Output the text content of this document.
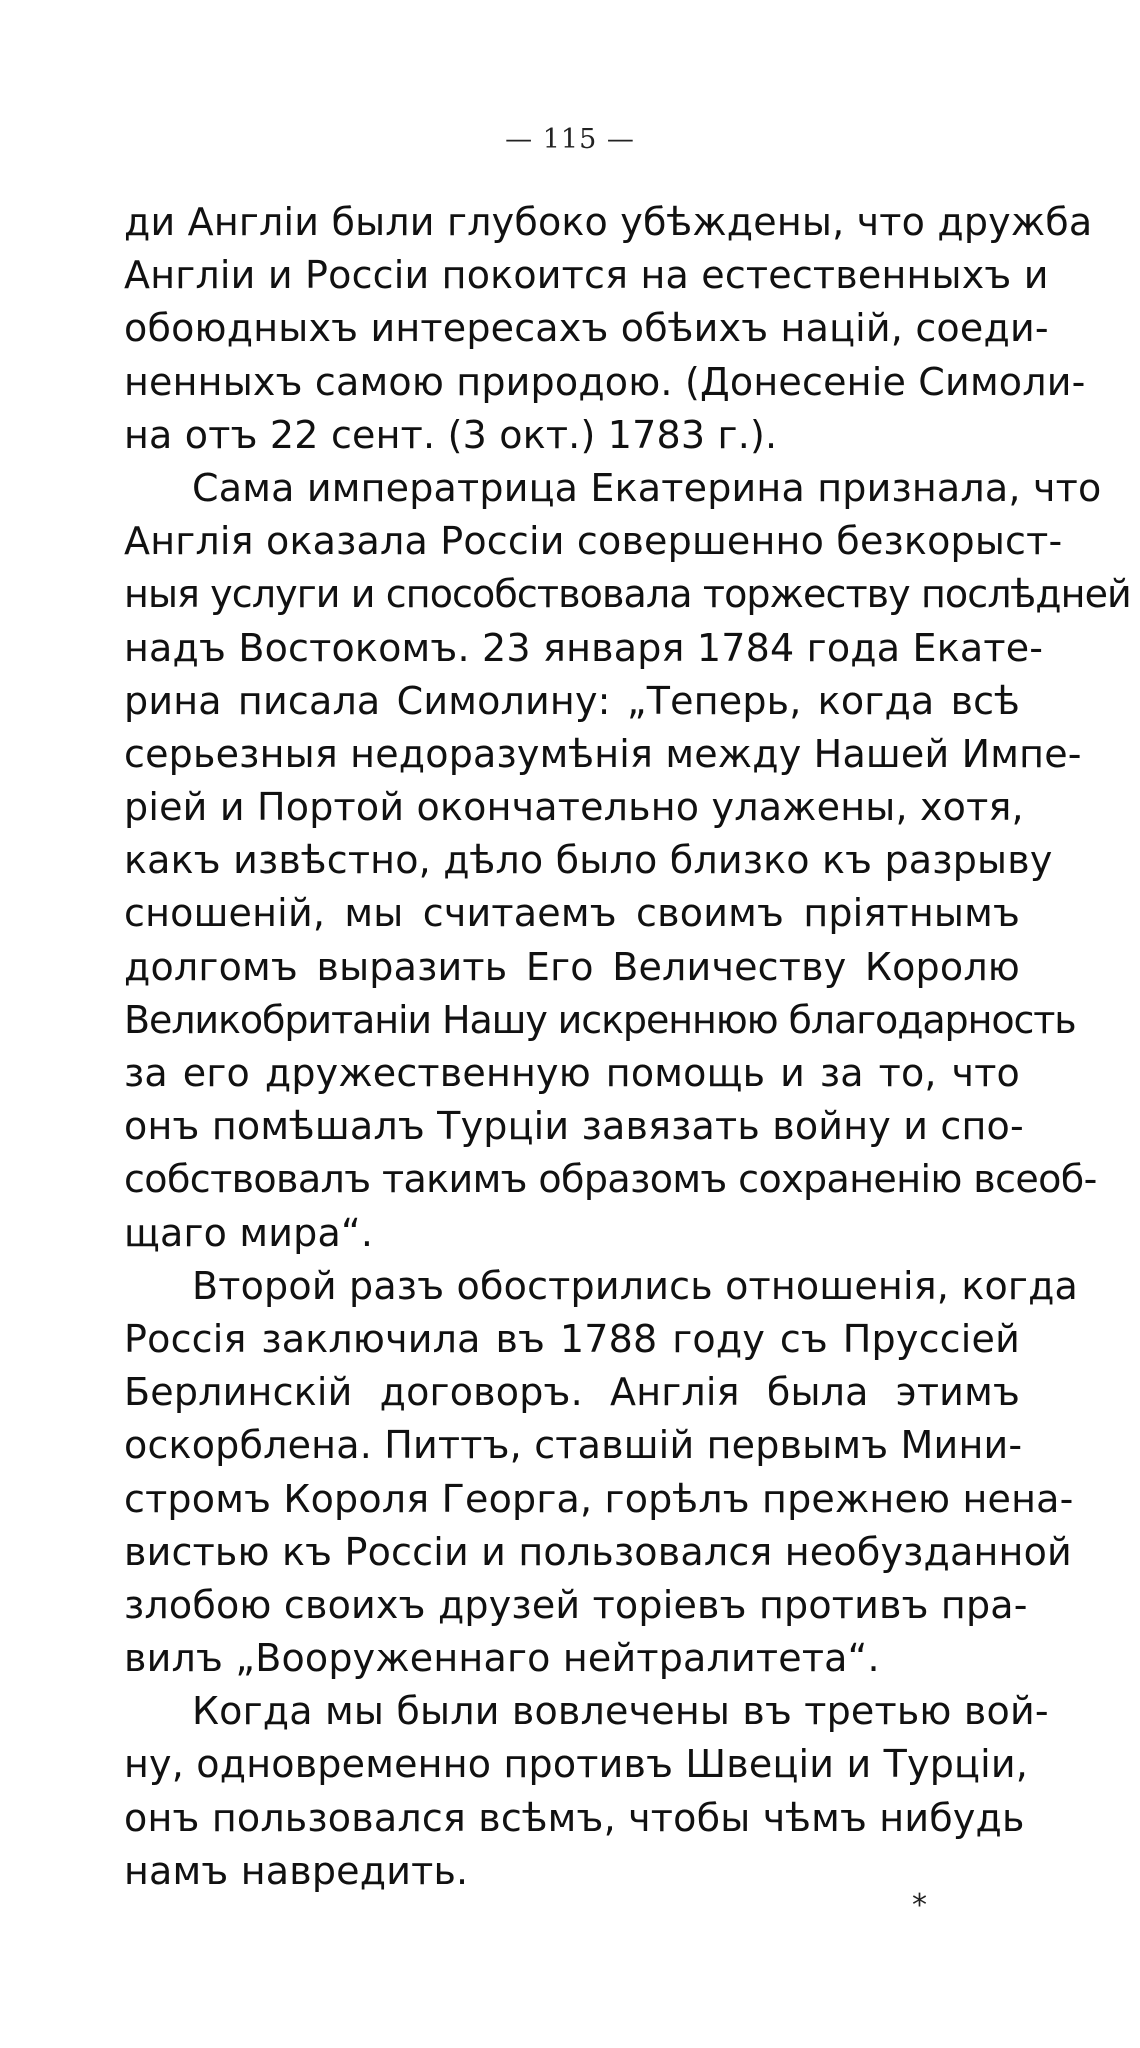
— 115 —
ди Англіи были глубоко убѣждены, что дружба
Англіи и Россіи покоится на естественныхъ и
обоюдныхъ интересахъ обѣихъ націй, соеди-
ненныхъ самою природою. (Донесеніе Симоли-
на отъ 22 сент. (3 окт.) 1783 г.).
Сама императрица Екатерина признала, что
Англія оказала Россіи совершенно безкорыст-
ныя услуги и способствовала торжеству послѣдней
надъ Востокомъ. 23 января 1784 года Екате-
рина писала Симолину: „Теперь, когда всѣ
серьезныя недоразумѣнія между Нашей Импе-
ріей и Портой окончательно улажены, хотя,
какъ извѣстно, дѣло было близко къ разрыву
сношеній, мы считаемъ своимъ пріятнымъ
долгомъ выразить Его Величеству Королю
Великобританіи Нашу искреннюю благодарность
за его дружественную помощь и за то, что
онъ помѣшалъ Турціи завязать войну и спо-
собствовалъ такимъ образомъ сохраненію всеоб-
щаго мира“.
Второй разъ обострились отношенія, когда
Россія заключила въ 1788 году съ Пруссіей
Берлинскій договоръ. Англія была этимъ
оскорблена. Питтъ, ставшій первымъ Мини-
стромъ Короля Георга, горѣлъ прежнею нена-
вистью къ Россіи и пользовался необузданной
злобою своихъ друзей торіевъ противъ пра-
вилъ „Вооруженнаго нейтралитета“.
Когда мы были вовлечены въ третью вой-
ну, одновременно противъ Швеціи и Турціи,
онъ пользовался всѣмъ, чтобы чѣмъ нибудь
намъ навредить.
*
